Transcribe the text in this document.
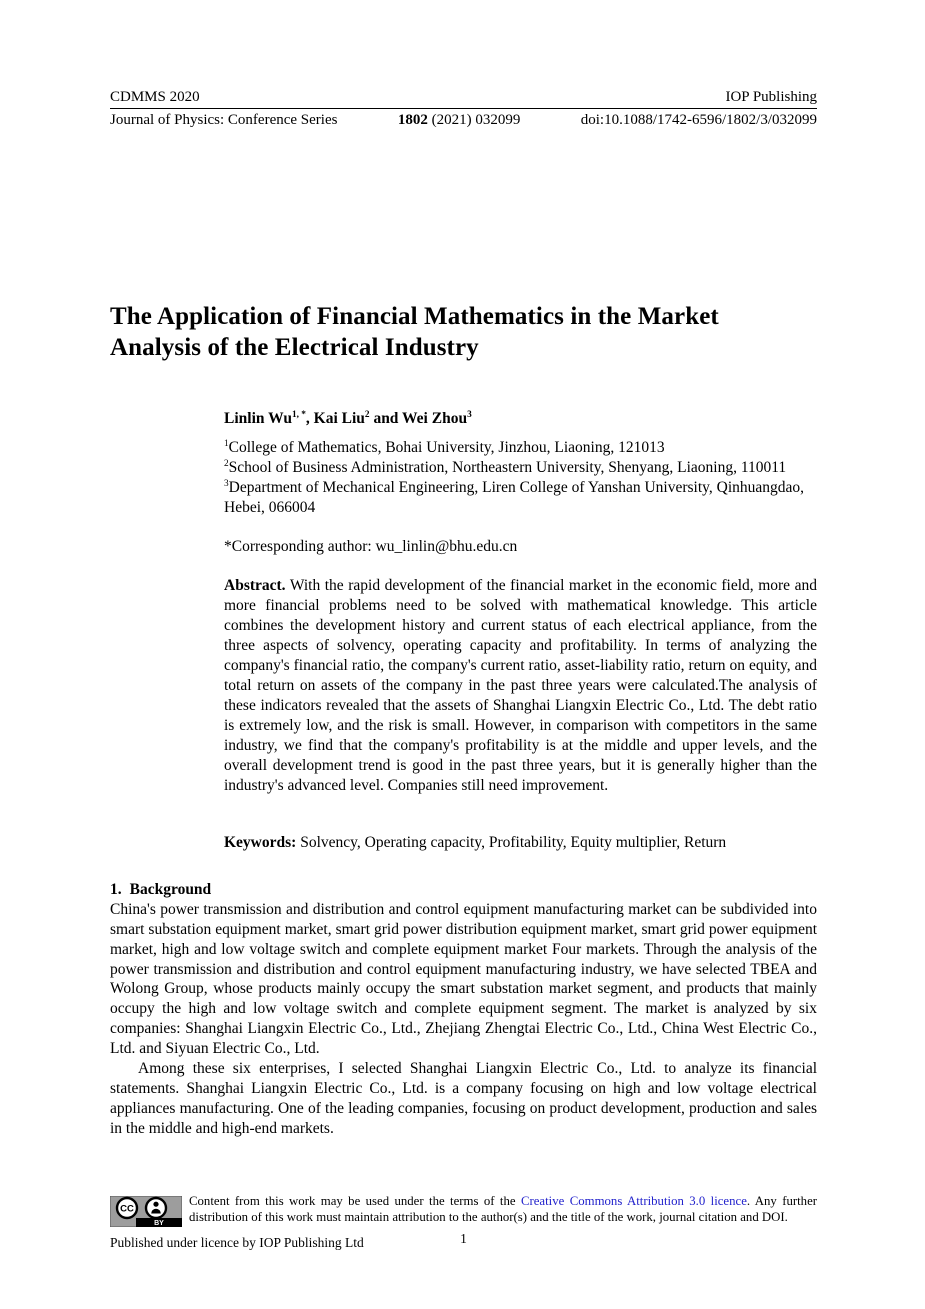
CDMMS 2020	IOP Publishing
Journal of Physics: Conference Series	1802 (2021) 032099	doi:10.1088/1742-6596/1802/3/032099
The Application of Financial Mathematics in the Market Analysis of the Electrical Industry
Linlin $Wu^{1, *}$, Kai Liu$^2$ and Wei Zhou$^3$
$^1$College of Mathematics, Bohai University, Jinzhou, Liaoning, 121013
$^2$School of Business Administration, Northeastern University, Shenyang, Liaoning, 110011
$^3$Department of Mechanical Engineering, Liren College of Yanshan University, Qinhuangdao, Hebei, 066004
*Corresponding author: wu_linlin@bhu.edu.cn
Abstract. With the rapid development of the financial market in the economic field, more and more financial problems need to be solved with mathematical knowledge. This article combines the development history and current status of each electrical appliance, from the three aspects of solvency, operating capacity and profitability. In terms of analyzing the company's financial ratio, the company's current ratio, asset-liability ratio, return on equity, and total return on assets of the company in the past three years were calculated.The analysis of these indicators revealed that the assets of Shanghai Liangxin Electric Co., Ltd. The debt ratio is extremely low, and the risk is small. However, in comparison with competitors in the same industry, we find that the company's profitability is at the middle and upper levels, and the overall development trend is good in the past three years, but it is generally higher than the industry's advanced level. Companies still need improvement.
Keywords: Solvency, Operating capacity, Profitability, Equity multiplier, Return
1. Background

China's power transmission and distribution and control equipment manufacturing market can be subdivided into smart substation equipment market, smart grid power distribution equipment market, smart grid power equipment market, high and low voltage switch and complete equipment market Four markets. Through the analysis of the power transmission and distribution and control equipment manufacturing industry, we have selected TBEA and Wolong Group, whose products mainly occupy the smart substation market segment, and products that mainly occupy the high and low voltage switch and complete equipment segment. The market is analyzed by six companies: Shanghai Liangxin Electric Co., Ltd., Zhejiang Zhengtai Electric Co., Ltd., China West Electric Co., Ltd. and Siyuan Electric Co., Ltd.

Among these six enterprises, I selected Shanghai Liangxin Electric Co., Ltd. to analyze its financial statements. Shanghai Liangxin Electric Co., Ltd. is a company focusing on high and low voltage electrical appliances manufacturing. One of the leading companies, focusing on product development, production and sales in the middle and high-end markets.

CC
BY
Content from this work may be used under the terms of the Creative Commons Attribution 3.0 licence. Any further distribution of this work must maintain attribution to the author(s) and the title of the work, journal citation and DOI.
Published under licence by IOP Publishing Ltd	1
